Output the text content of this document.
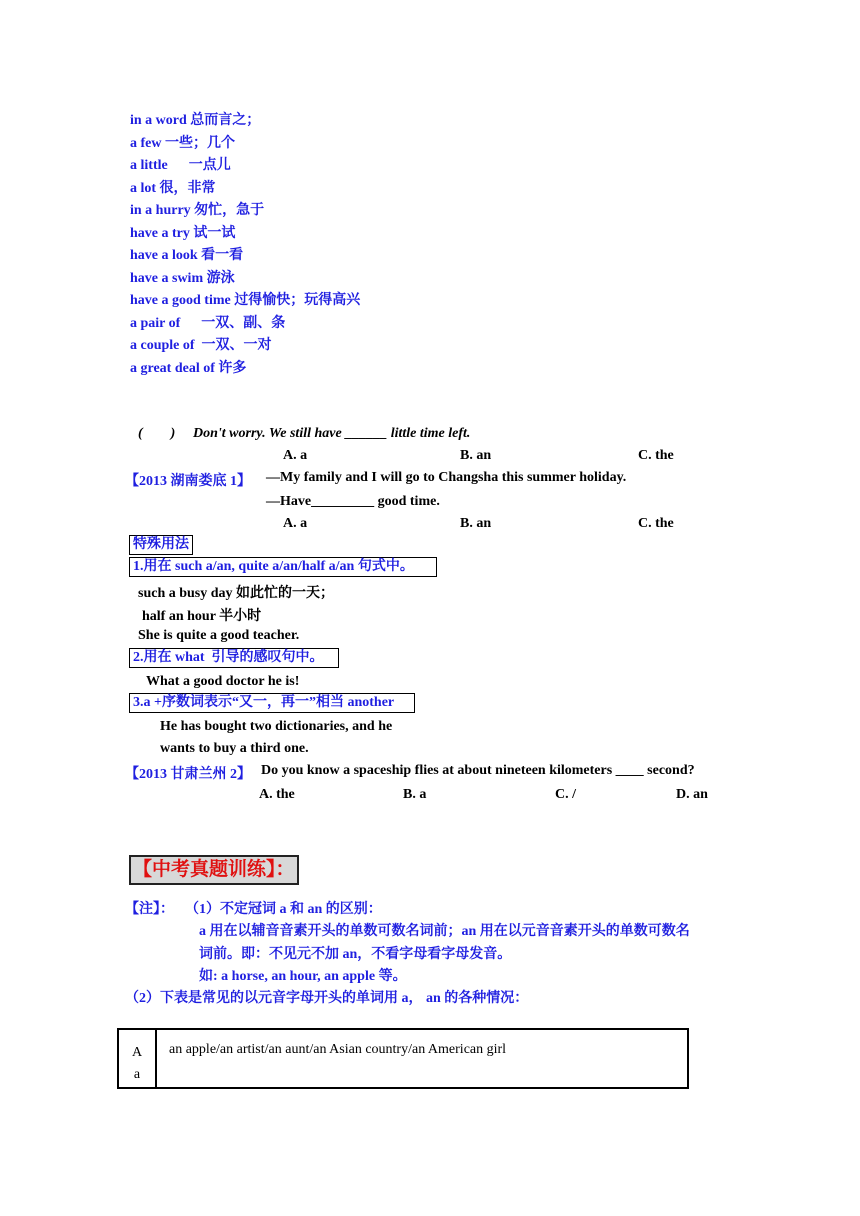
in a word 总而言之；
a few 一些；几个
a little      一点儿
a lot 很，非常
in a hurry 匆忙，急于
have a try 试一试
have a look 看一看
have a swim 游泳
have a good time 过得愉快；玩得高兴
a pair of      一双、副、条
a couple of  一双、一对
a great deal of 许多
(        ) Don't worry. We still have ______ little time left.
A. a	B. an	C. the
【2013 湖南娄底 1】 —My family and I will go to Changsha this summer holiday.
—Have_________ good time.
A. a	B. an	C. the
特殊用法
1.用在 such a/an, quite a/an/half a/an 句式中。
such a busy day 如此忙的一天；
half an hour 半小时
She is quite a good teacher.
2.用在 what  引导的感叹句中。
What a good doctor he is!
3.a +序数词表示“又一，再一”相当 another
He has bought two dictionaries, and he
wants to buy a third one.
【2013 甘肃兰州 2】 Do you know a spaceship flies at about nineteen kilometers ____ second?
A. the	B. a	C. /	D. an
【中考真题训练】：
【注】： （1）不定冠词 a 和 an 的区别：
a 用在以辅音音素开头的单数可数名词前；an 用在以元音音素开头的单数可数名
词前。即：不见元不加 an，不看字母看字母发音。
如: a horse, an hour, an apple 等。
（2）下表是常见的以元音字母开头的单词用 a， an 的各种情况：
A
a	an apple/an artist/an aunt/an Asian country/an American girl
